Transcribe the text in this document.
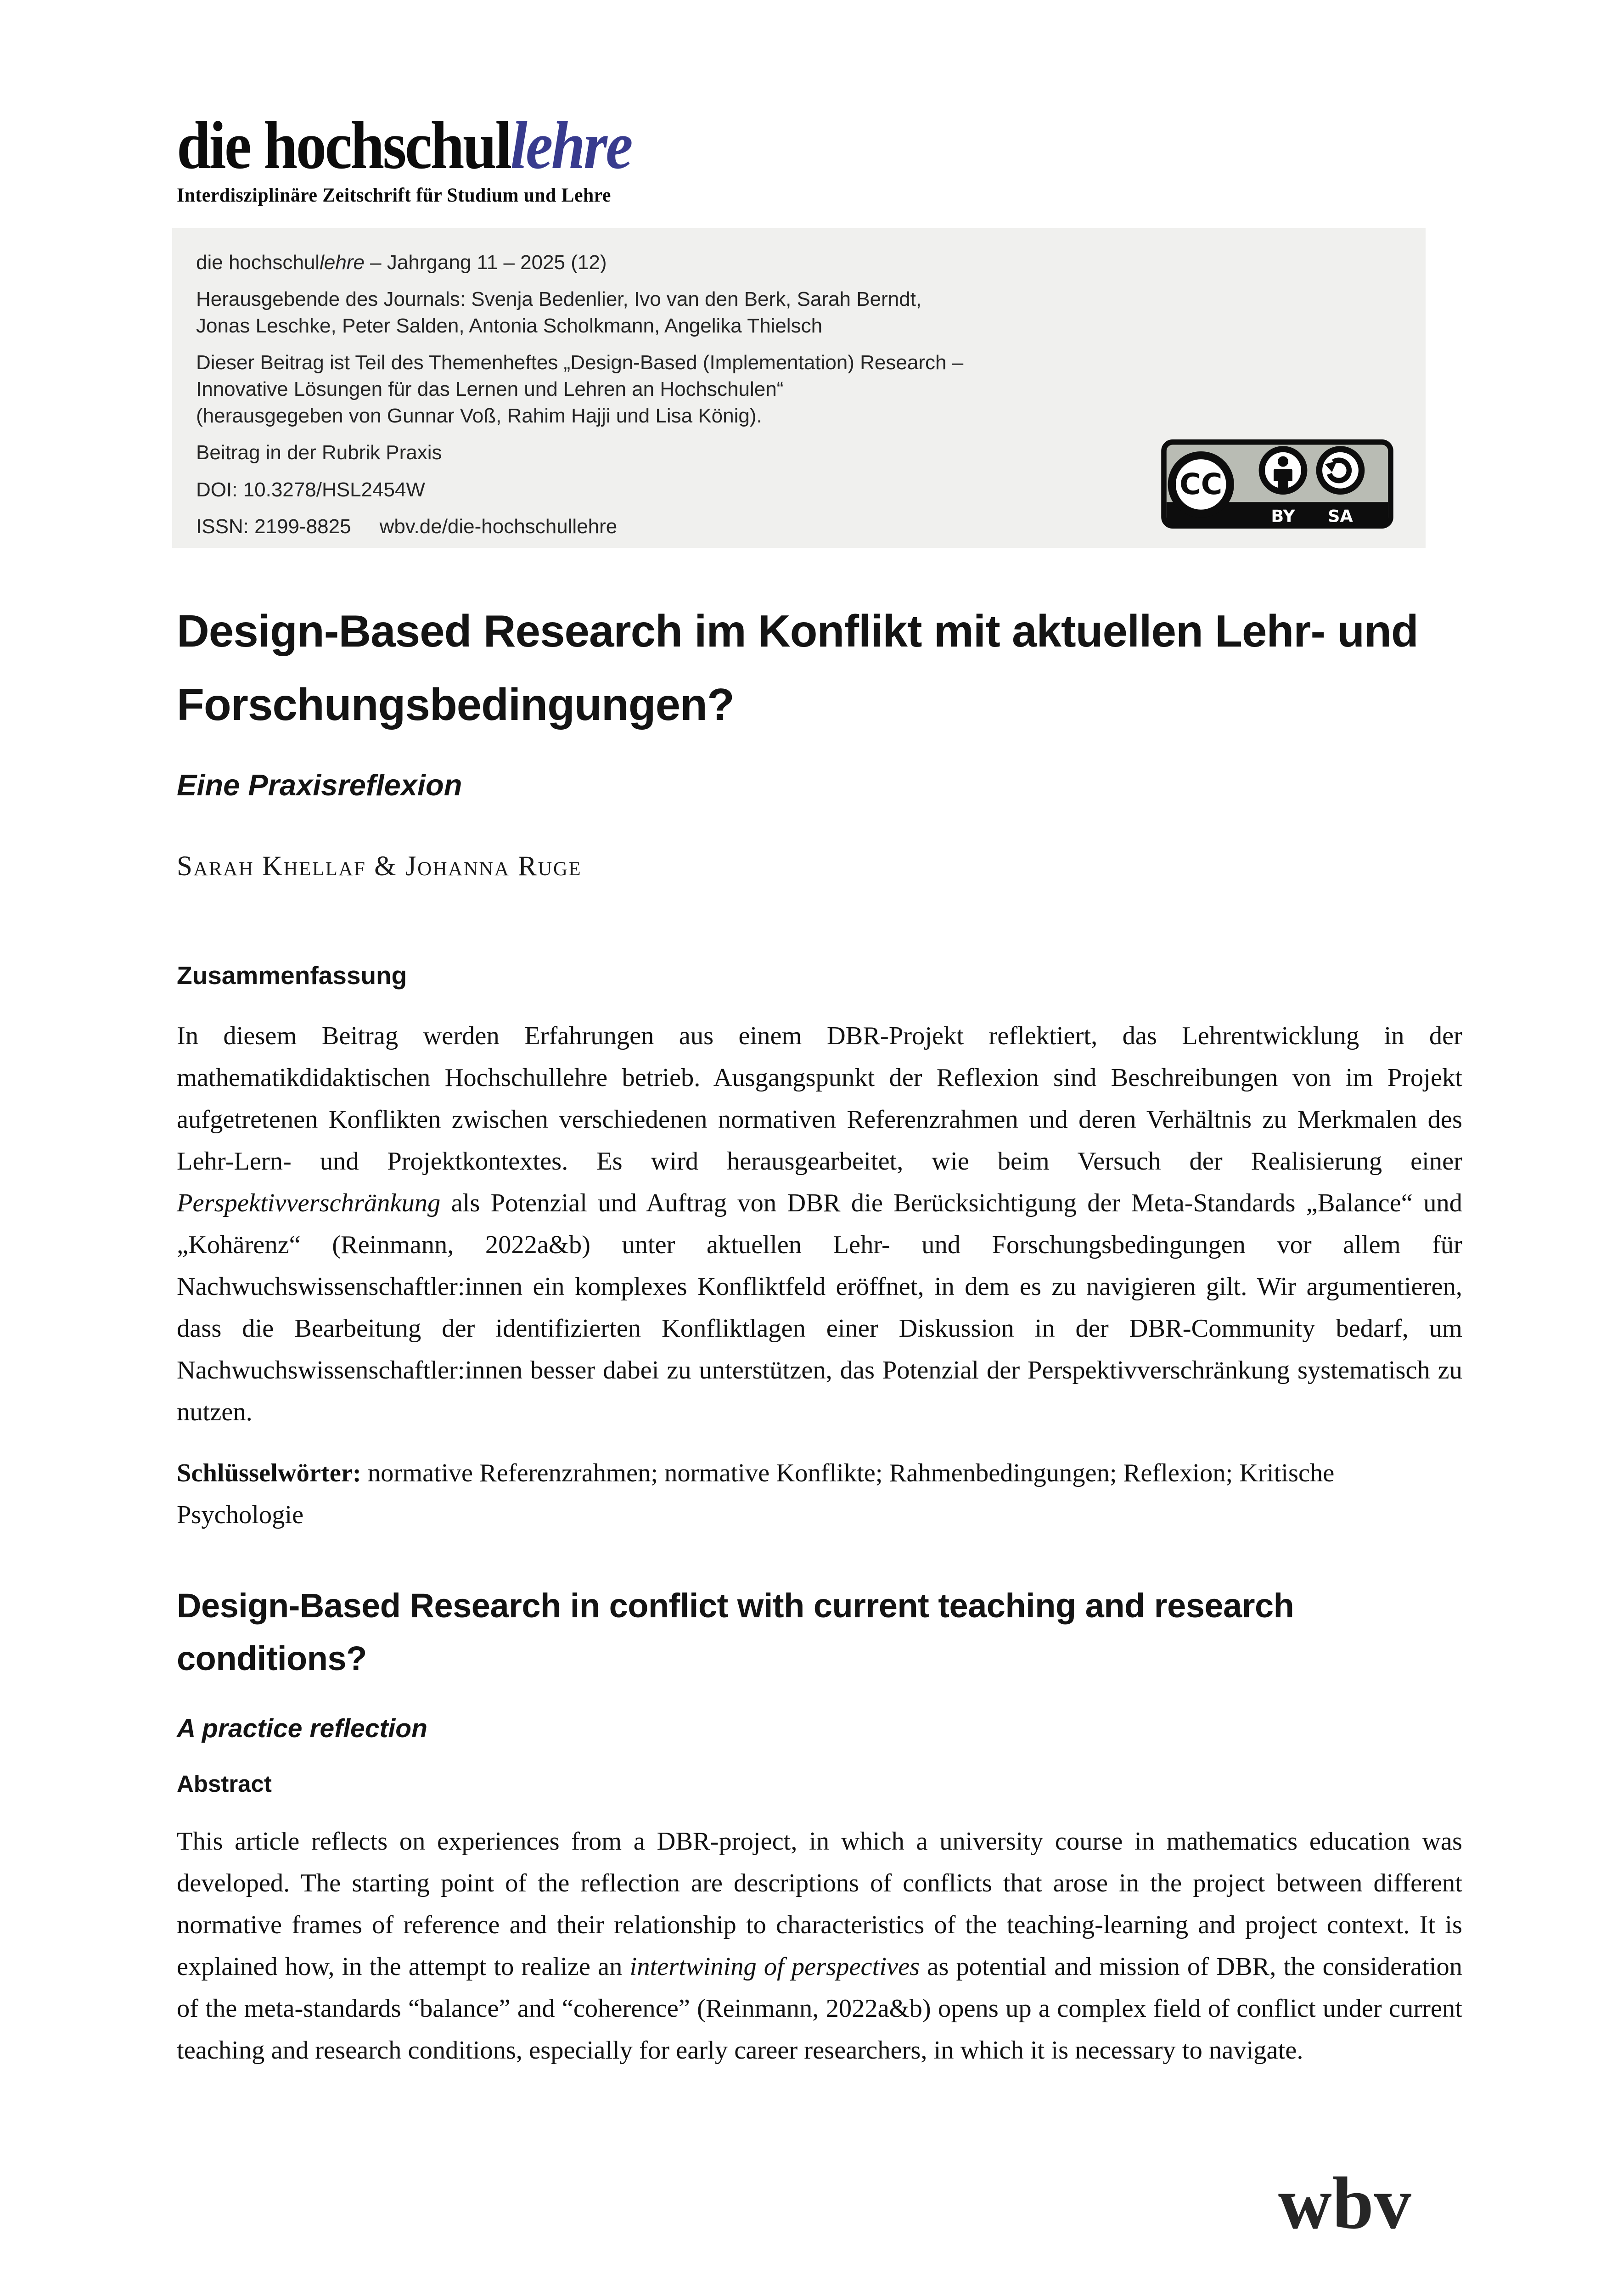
die hochschullehre
Interdisziplinäre Zeitschrift für Studium und Lehre

die hochschullehre – Jahrgang 11 – 2025 (12)

Herausgebende des Journals: Svenja Bedenlier, Ivo van den Berk, Sarah Berndt,
Jonas Leschke, Peter Salden, Antonia Scholkmann, Angelika Thielsch

Dieser Beitrag ist Teil des Themenheftes „Design-Based (Implementation) Research –
Innovative Lösungen für das Lernen und Lehren an Hochschulen“
(herausgegeben von Gunnar Voß, Rahim Hajji und Lisa König).

Beitrag in der Rubrik Praxis

DOI: 10.3278/HSL2454W

ISSN: 2199-8825 wbv.de/die-hochschullehre

CC
BY	SA
Design-Based Research im Konflikt mit aktuellen Lehr- und
Forschungsbedingungen?
Eine Praxisreflexion
Sarah Khellaf & Johanna Ruge
Zusammenfassung

In diesem Beitrag werden Erfahrungen aus einem DBR-Projekt reflektiert, das Lehrentwicklung in der mathematikdidaktischen Hochschullehre betrieb. Ausgangspunkt der Reflexion sind Beschreibungen von im Projekt aufgetretenen Konflikten zwischen verschiedenen normativen Referenzrahmen und deren Verhältnis zu Merkmalen des Lehr-Lern- und Projektkontextes. Es wird herausgearbeitet, wie beim Versuch der Realisierung einer Perspektivverschränkung als Potenzial und Auftrag von DBR die Berücksichtigung der Meta-Standards „Balance“ und „Kohärenz“ (Reinmann, 2022a&b) unter aktuellen Lehr- und Forschungsbedingungen vor allem für Nachwuchswissenschaftler:innen ein komplexes Konfliktfeld eröffnet, in dem es zu navigieren gilt. Wir argumentieren, dass die Bearbeitung der identifizierten Konfliktlagen einer Diskussion in der DBR-Community bedarf, um Nachwuchswissenschaftler:innen besser dabei zu unterstützen, das Potenzial der Perspektivverschränkung systematisch zu nutzen.

Schlüsselwörter: normative Referenzrahmen; normative Konflikte; Rahmenbedingungen; Reflexion; Kritische Psychologie

Design-Based Research in conflict with current teaching and research
conditions?
A practice reflection
Abstract

This article reflects on experiences from a DBR-project, in which a university course in mathematics education was developed. The starting point of the reflection are descriptions of conflicts that arose in the project between different normative frames of reference and their relationship to characteristics of the teaching-learning and project context. It is explained how, in the attempt to realize an intertwining of perspectives as potential and mission of DBR, the consideration of the meta-standards “balance” and “coherence” (Reinmann, 2022a&b) opens up a complex field of conflict under current teaching and research conditions, especially for early career researchers, in which it is necessary to navigate.

wbv
